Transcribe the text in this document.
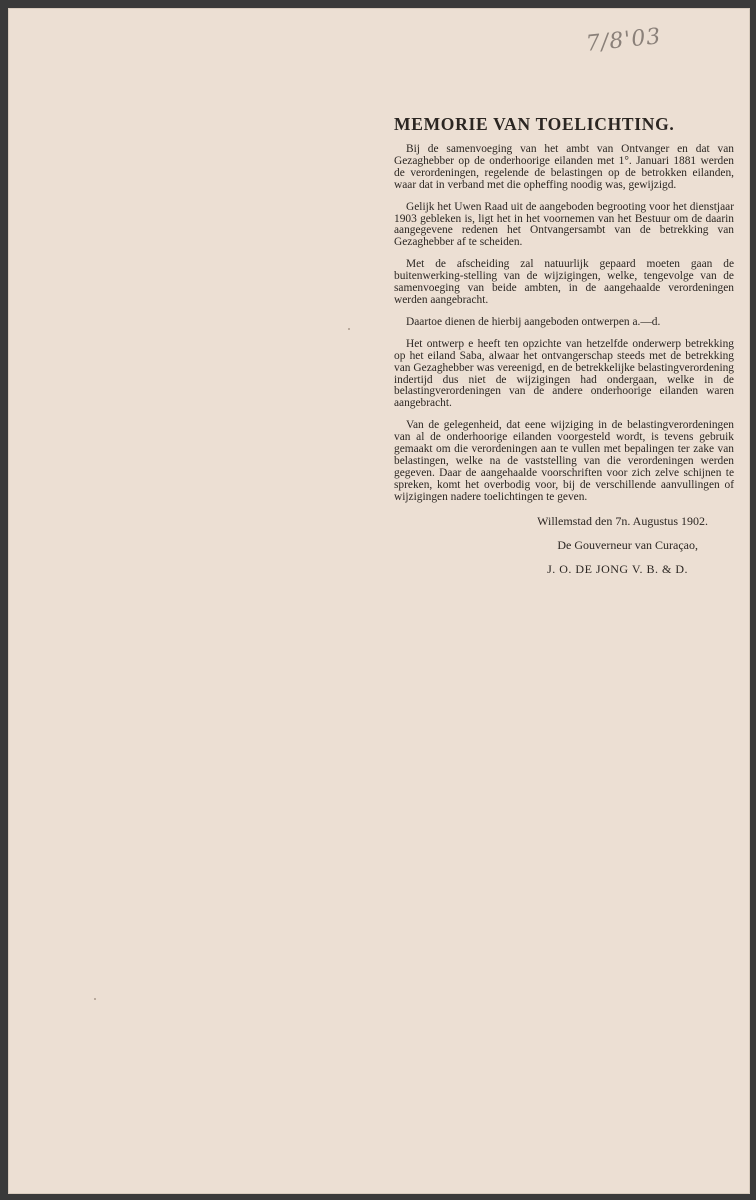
7/8'03
MEMORIE VAN TOELICHTING.

Bij de samenvoeging van het ambt van Ontvanger en dat van Gezaghebber op de onderhoorige eilanden met 1°. Januari 1881 werden de verordeningen, regelende de belastingen op de betrokken eilanden, waar dat in verband met die opheffing noodig was, gewijzigd.

Gelijk het Uwen Raad uit de aangeboden begrooting voor het dienstjaar 1903 gebleken is, ligt het in het voornemen van het Bestuur om de daarin aangegevene redenen het Ontvangersambt van de betrekking van Gezaghebber af te scheiden.

Met de afscheiding zal natuurlijk gepaard moeten gaan de buitenwerking-stelling van de wijzigingen, welke, tengevolge van de samenvoeging van beide ambten, in de aangehaalde verordeningen werden aangebracht.

Daartoe dienen de hierbij aangeboden ontwerpen a.—d.

Het ontwerp e heeft ten opzichte van hetzelfde onderwerp betrekking op het eiland Saba, alwaar het ontvangerschap steeds met de betrekking van Gezaghebber was vereenigd, en de betrekkelijke belastingverordening indertijd dus niet de wijzigingen had ondergaan, welke in de belastingverordeningen van de andere onderhoorige eilanden waren aangebracht.

Van de gelegenheid, dat eene wijziging in de belastingverordeningen van al de onderhoorige eilanden voorgesteld wordt, is tevens gebruik gemaakt om die verordeningen aan te vullen met bepalingen ter zake van belastingen, welke na de vaststelling van die verordeningen werden gegeven. Daar de aangehaalde voorschriften voor zich zelve schijnen te spreken, komt het overbodig voor, bij de verschillende aanvullingen of wijzigingen nadere toelichtingen te geven.

Willemstad den 7n. Augustus 1902.

De Gouverneur van Curaçao,

J. O. DE JONG V. B. & D.
